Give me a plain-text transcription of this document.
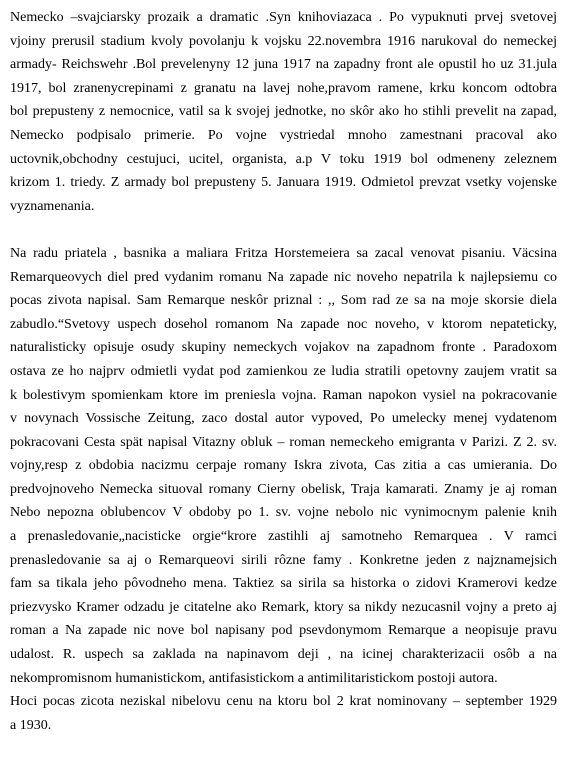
Nemecko –svajciarsky prozaik a dramatic .Syn knihoviazaca . Po vypuknuti prvej svetovej
vjoiny prerusil stadium kvoly povolanju k vojsku 22.novembra 1916 narukoval do nemeckej
armady- Reichswehr .Bol prevelenyny 12 juna 1917 na zapadny front ale opustil ho uz 31.jula
1917, bol zranenycrepinami z granatu na lavej nohe,pravom ramene, krku koncom odtobra
bol prepusteny z nemocnice, vatil sa k svojej jednotke, no skôr ako ho stihli prevelit na zapad,
Nemecko podpisalo primerie. Po vojne vystriedal mnoho zamestnani pracoval ako
uctovnik,obchodny cestujuci, ucitel, organista, a.p V toku 1919 bol odmeneny zeleznem
krizom 1. triedy. Z armady bol prepusteny 5. Januara 1919. Odmietol prevzat vsetky vojenske
vyznamenania.
Na radu priatela , basnika a maliara Fritza Horstemeiera sa zacal venovat pisaniu. Väcsina
Remarqueovych diel pred vydanim romanu Na zapade nic noveho nepatrila k najlepsiemu co
pocas zivota napisal. Sam Remarque neskôr priznal : ,, Som rad ze sa na moje skorsie diela
zabudlo.“Svetovy uspech dosehol romanom Na zapade noc noveho, v ktorom nepateticky,
naturalisticky opisuje osudy skupiny nemeckych vojakov na zapadnom fronte . Paradoxom
ostava ze ho najprv odmietli vydat pod zamienkou ze ludia stratili opetovny zaujem vratit sa
k bolestivym spomienkam ktore im preniesla vojna. Raman napokon vysiel na pokracovanie
v novynach Vossische Zeitung, zaco dostal autor vypoved, Po umelecky menej vydatenom
pokracovani Cesta spät napisal Vitazny obluk – roman nemeckeho emigranta v Parizi. Z 2. sv.
vojny,resp z obdobia nacizmu cerpaje romany Iskra zivota, Cas zitia a cas umierania. Do
predvojnoveho Nemecka situoval romany Cierny obelisk, Traja kamarati. Znamy je aj roman
Nebo nepozna oblubencov V obdoby po 1. sv. vojne nebolo nic vynimocnym palenie knih
a prenasledovanie„nacisticke orgie“krore zastihli aj samotneho Remarquea . V ramci
prenasledovanie sa aj o Remarqueovi sirili rôzne famy . Konkretne jeden z najznamejsich
fam sa tikala jeho pôvodneho mena. Taktiez sa sirila sa historka o zidovi Kramerovi kedze
priezvysko Kramer odzadu je citatelne ako Remark, ktory sa nikdy nezucasnil vojny a preto aj
roman a Na zapade nic nove bol napisany pod psevdonymom Remarque a neopisuje pravu
udalost. R. uspech sa zaklada na napinavom deji , na icinej charakterizacii osôb a na
nekompromisnom humanistickom, antifasistickom a antimilitaristickom postoji autora.
Hoci pocas zicota neziskal nibelovu cenu na ktoru bol 2 krat nominovany – september 1929
a 1930.
